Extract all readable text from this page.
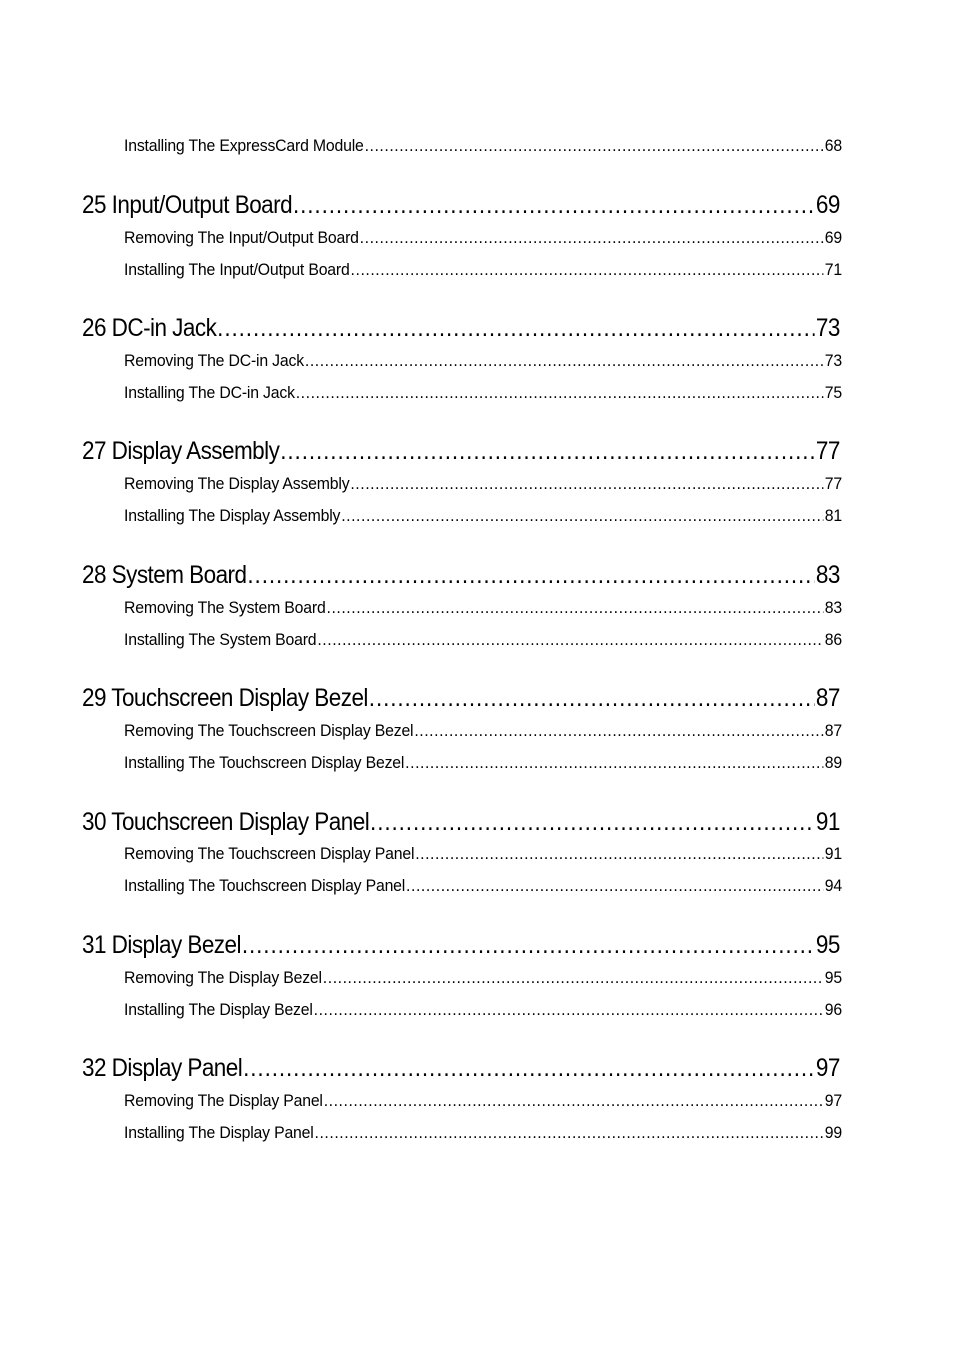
Installing The ExpressCard Module .....	68
25 Input/Output Board .....	69
Removing The Input/Output Board .....	69
Installing The Input/Output Board .....	71
26 DC-in Jack .....	73
Removing The DC-in Jack .....	73
Installing The DC-in Jack .....	75
27 Display Assembly .....	77
Removing The Display Assembly .....	77
Installing The Display Assembly .....	81
28 System Board .....	83
Removing The System Board .....	83
Installing The System Board .....	86
29 Touchscreen Display Bezel .....	87
Removing The Touchscreen Display Bezel .....	87
Installing The Touchscreen Display Bezel .....	89
30 Touchscreen Display Panel .....	91
Removing The Touchscreen Display Panel .....	91
Installing The Touchscreen Display Panel .....	94
31 Display Bezel .....	95
Removing The Display Bezel .....	95
Installing The Display Bezel .....	96
32 Display Panel .....	97
Removing The Display Panel .....	97
Installing The Display Panel .....	99
